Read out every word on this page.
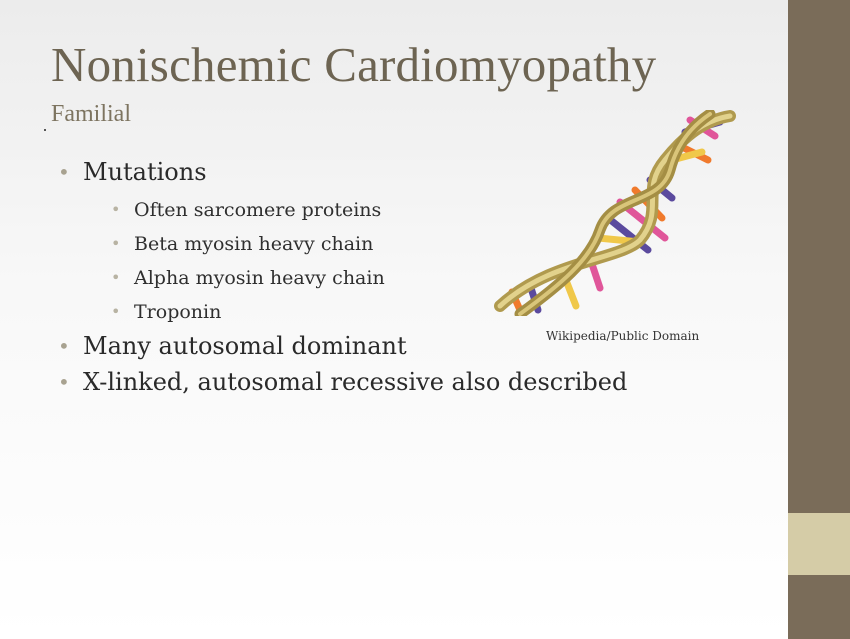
Nonischemic Cardiomyopathy
Familial
• Mutations
• Often sarcomere proteins
• Beta myosin heavy chain
• Alpha myosin heavy chain
• Troponin
• Many autosomal dominant
• X-linked, autosomal recessive also described
Wikipedia/Public Domain
